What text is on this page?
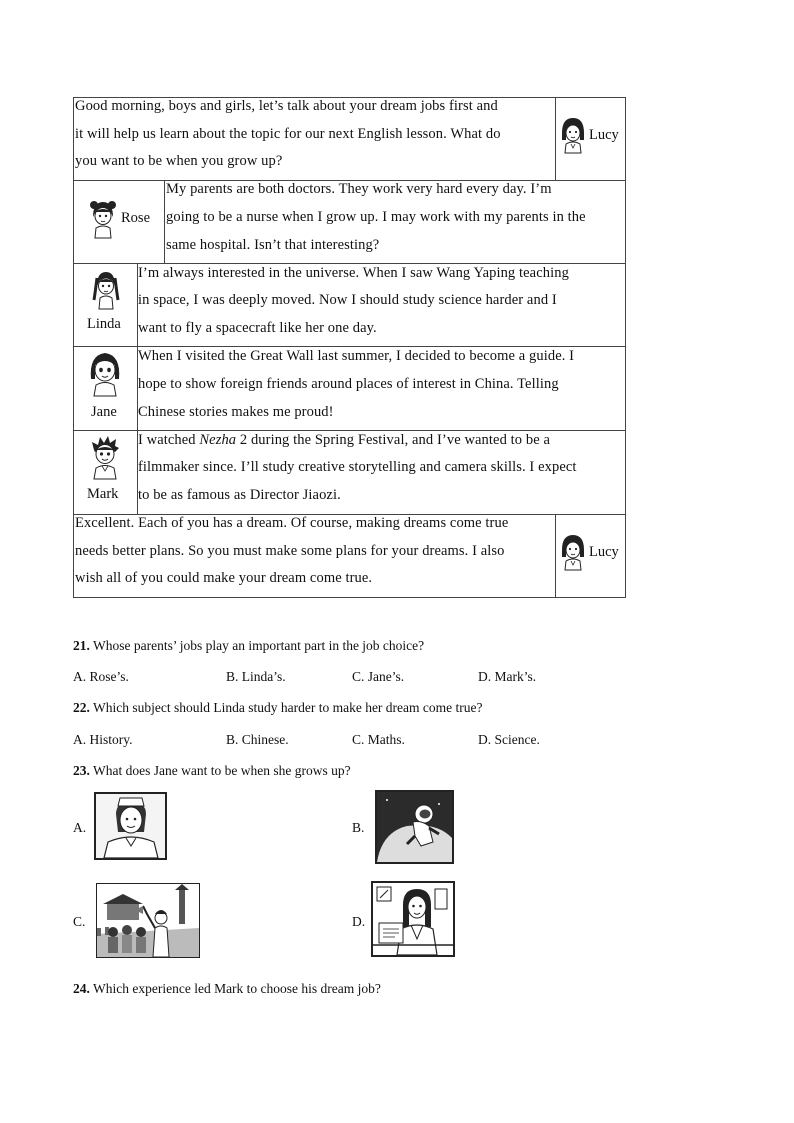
Good morning, boys and girls, let’s talk about your dream jobs first and
it will help us learn about the topic for our next English lesson. What do
you want to be when you grow up?
Lucy
Rose
My parents are both doctors. They work very hard every day. I’m
going to be a nurse when I grow up. I may work with my parents in the
same hospital. Isn’t that interesting?
Linda
I’m always interested in the universe. When I saw Wang Yaping teaching
in space, I was deeply moved. Now I should study science harder and I
want to fly a spacecraft like her one day.
Jane
When I visited the Great Wall last summer, I decided to become a guide. I
hope to show foreign friends around places of interest in China. Telling
Chinese stories makes me proud!
Mark
I watched Nezha 2 during the Spring Festival, and I’ve wanted to be a
filmmaker since. I’ll study creative storytelling and camera skills. I expect
to be as famous as Director Jiaozi.
Excellent. Each of you has a dream. Of course, making dreams come true
needs better plans. So you must make some plans for your dreams. I also
wish all of you could make your dream come true.
Lucy
21. Whose parents’ jobs play an important part in the job choice?
A. Rose’s.	B. Linda’s.	C. Jane’s.	D. Mark’s.
22. Which subject should Linda study harder to make her dream come true?
A. History.	B. Chinese.	C. Maths.	D. Science.
23. What does Jane want to be when she grows up?
A.	B.
C.	D.
24. Which experience led Mark to choose his dream job?
